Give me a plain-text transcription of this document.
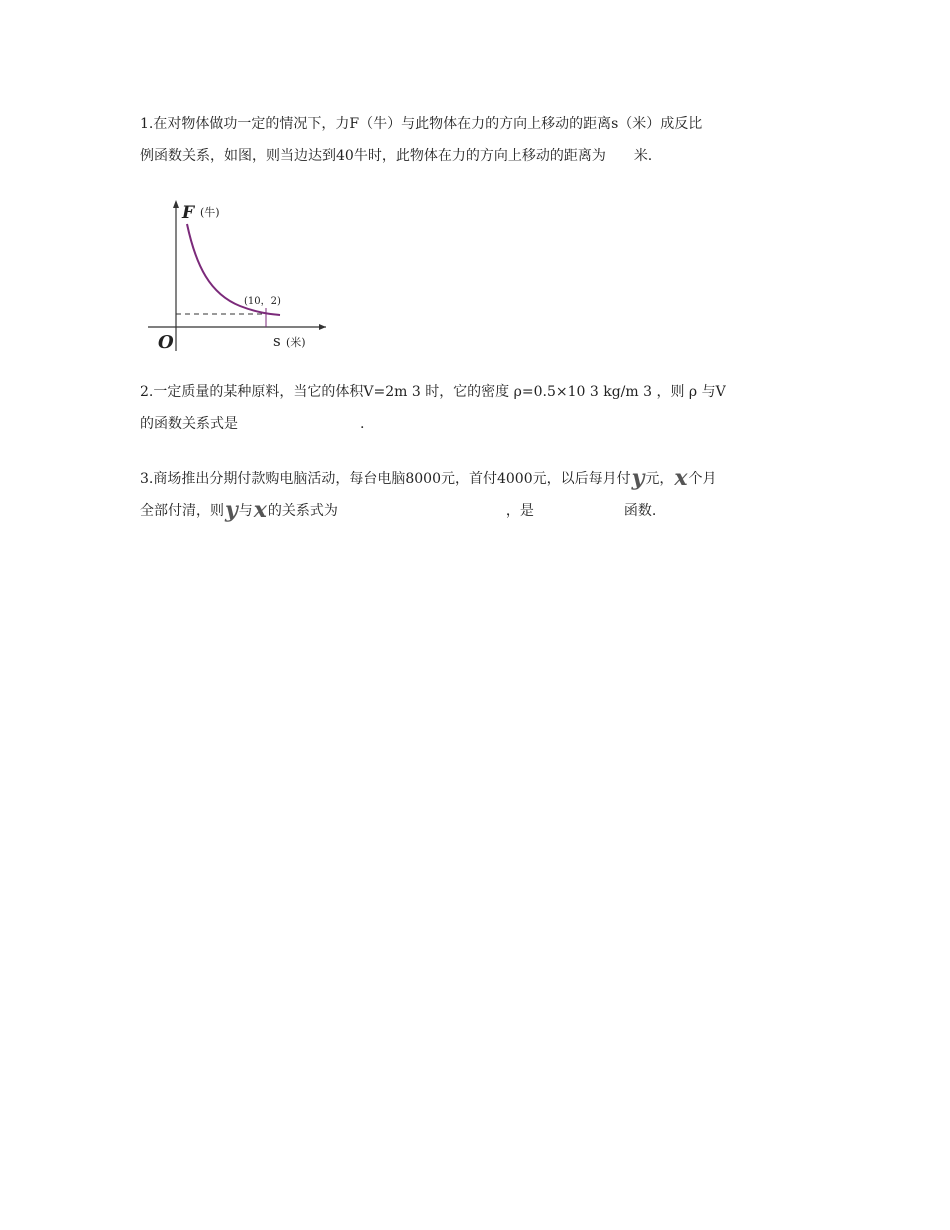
1.在对物体做功一定的情况下，力F（牛）与此物体在力的方向上移动的距离s（米）成反比
例函数关系，如图，则当边达到40牛时，此物体在力的方向上移动的距离为 米.
F (牛)
(10，2)
O	s (米)
2.一定质量的某种原料，当它的体积V=2m 3 时，它的密度 ρ=0.5×10 3 kg/m 3 ，则 ρ 与V
的函数关系式是	.
3.商场推出分期付款购电脑活动，每台电脑8000元，首付4000元，以后每月付y元，x个月
全部付清，则y与x的关系式为	，是	函数.
